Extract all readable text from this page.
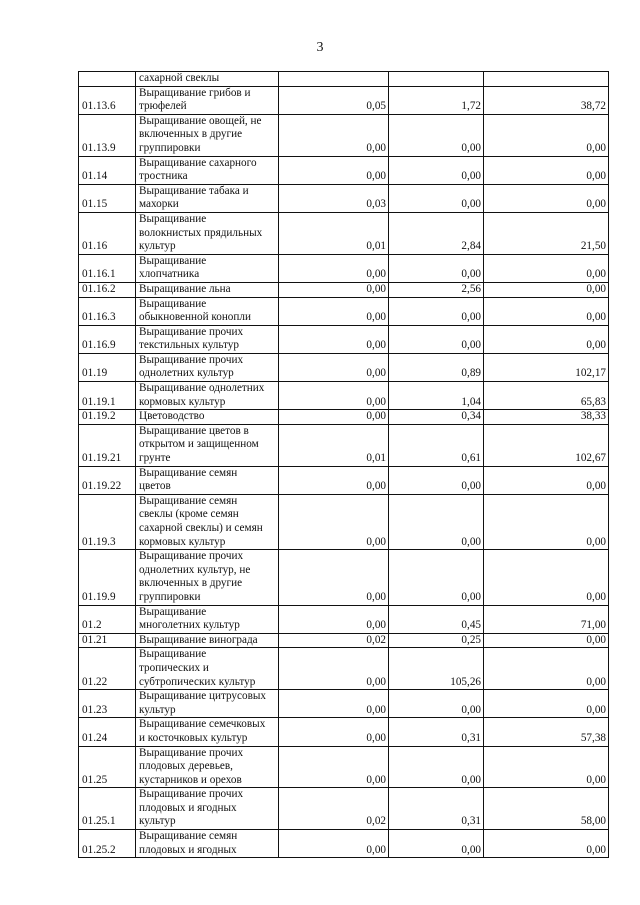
3
	сахарной свеклы			
01.13.6	Выращивание грибов и
трюфелей	0,05	1,72	38,72
01.13.9	Выращивание овощей, не
включенных в другие
группировки	0,00	0,00	0,00
01.14	Выращивание сахарного
тростника	0,00	0,00	0,00
01.15	Выращивание табака и
махорки	0,03	0,00	0,00
01.16	Выращивание
волокнистых прядильных
культур	0,01	2,84	21,50
01.16.1	Выращивание
хлопчатника	0,00	0,00	0,00
01.16.2	Выращивание льна	0,00	2,56	0,00
01.16.3	Выращивание
обыкновенной конопли	0,00	0,00	0,00
01.16.9	Выращивание прочих
текстильных культур	0,00	0,00	0,00
01.19	Выращивание прочих
однолетних культур	0,00	0,89	102,17
01.19.1	Выращивание однолетних
кормовых культур	0,00	1,04	65,83
01.19.2	Цветоводство	0,00	0,34	38,33
01.19.21	Выращивание цветов в
открытом и защищенном
грунте	0,01	0,61	102,67
01.19.22	Выращивание семян
цветов	0,00	0,00	0,00
01.19.3	Выращивание семян
свеклы (кроме семян
сахарной свеклы) и семян
кормовых культур	0,00	0,00	0,00
01.19.9	Выращивание прочих
однолетних культур, не
включенных в другие
группировки	0,00	0,00	0,00
01.2	Выращивание
многолетних культур	0,00	0,45	71,00
01.21	Выращивание винограда	0,02	0,25	0,00
01.22	Выращивание
тропических и
субтропических культур	0,00	105,26	0,00
01.23	Выращивание цитрусовых
культур	0,00	0,00	0,00
01.24	Выращивание семечковых
и косточковых культур	0,00	0,31	57,38
01.25	Выращивание прочих
плодовых деревьев,
кустарников и орехов	0,00	0,00	0,00
01.25.1	Выращивание прочих
плодовых и ягодных
культур	0,02	0,31	58,00
01.25.2	Выращивание семян
плодовых и ягодных	0,00	0,00	0,00
